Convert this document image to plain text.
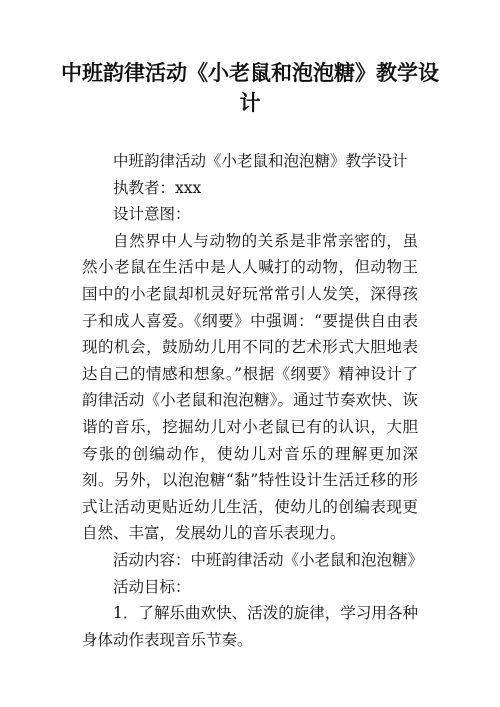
中班韵律活动《小老鼠和泡泡糖》教学设计

中班韵律活动《小老鼠和泡泡糖》教学设计

执教者：xxx

设计意图：

自然界中人与动物的关系是非常亲密的，虽然小老鼠在生活中是人人喊打的动物，但动物王国中的小老鼠却机灵好玩常常引人发笑，深得孩子和成人喜爱。《纲要》中强调：“要提供自由表现的机会，鼓励幼儿用不同的艺术形式大胆地表达自己的情感和想象。”根据《纲要》精神设计了韵律活动《小老鼠和泡泡糖》。通过节奏欢快、诙谐的音乐，挖掘幼儿对小老鼠已有的认识，大胆夸张的创编动作，使幼儿对音乐的理解更加深刻。另外，以泡泡糖“黏”特性设计生活迁移的形式让活动更贴近幼儿生活，使幼儿的创编表现更自然、丰富，发展幼儿的音乐表现力。

活动内容：中班韵律活动《小老鼠和泡泡糖》

活动目标：

1．了解乐曲欢快、活泼的旋律，学习用各种身体动作表现音乐节奏。
